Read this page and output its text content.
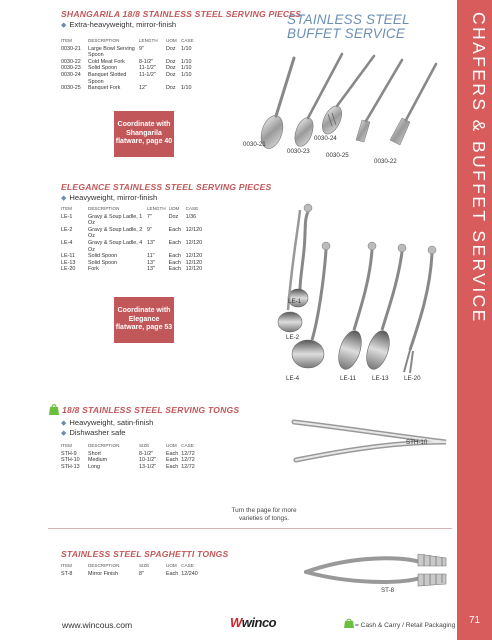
CHAFERS & BUFFET SERVICE
SHANGARILA 18/8 STAINLESS STEEL SERVING PIECES
◆ Extra-heavyweight, mirror-finish
ITEM	DESCRIPTION	LENGTH	UOM	CASE
0030-21	Large Bowl Serving Spoon	9"	Doz	1/10
0030-22	Cold Meat Fork	8-1/2"	Doz	1/10
0030-23	Solid Spoon	11-1/2"	Doz	1/10
0030-24	Banquet Slotted Spoon	11-1/2"	Doz	1/10
0030-25	Banquet Fork	12"	Doz	1/10
Coordinate with Shangarila flatware, page 40
STAINLESS STEEL
BUFFET SERVICE
0030-21
0030-23
0030-24
0030-25
0030-22
ELEGANCE STAINLESS STEEL SERVING PIECES
◆ Heavyweight, mirror-finish
ITEM	DESCRIPTION	LENGTH	UOM	CASE
LE-1	Gravy & Soup Ladle, 1 Oz	7"	Doz	1/36
LE-2	Gravy & Soup Ladle, 2 Oz	9"	Each	12/120
LE-4	Gravy & Soup Ladle, 4 Oz	13"	Each	12/120
LE-11	Solid Spoon	11"	Each	12/120
LE-13	Solid Spoon	13"	Each	12/120
LE-20	Fork	13"	Each	12/120
Coordinate with Elegance flatware, page 53
LE-1
LE-2
LE-4	LE-11	LE-13 LE-20
18/8 STAINLESS STEEL SERVING TONGS
◆ Heavyweight, satin-finish
◆ Dishwasher safe
ITEM	DESCRIPTION	SIZE	UOM	CASE
STH-9	Short	8-1/2"	Each	12/72
STH-10	Medium	10-1/2"	Each	12/72
STH-13	Long	13-1/2"	Each	12/72
STH-10
Turn the page for more varieties of tongs.
STAINLESS STEEL SPAGHETTI TONGS
ITEM	DESCRIPTION	SIZE	UOM	CASE
ST-8	Mirror Finish	8"	Each	12/240
ST-8
www.wincous.com	Wwinco	= Cash & Carry / Retail Packaging	71
